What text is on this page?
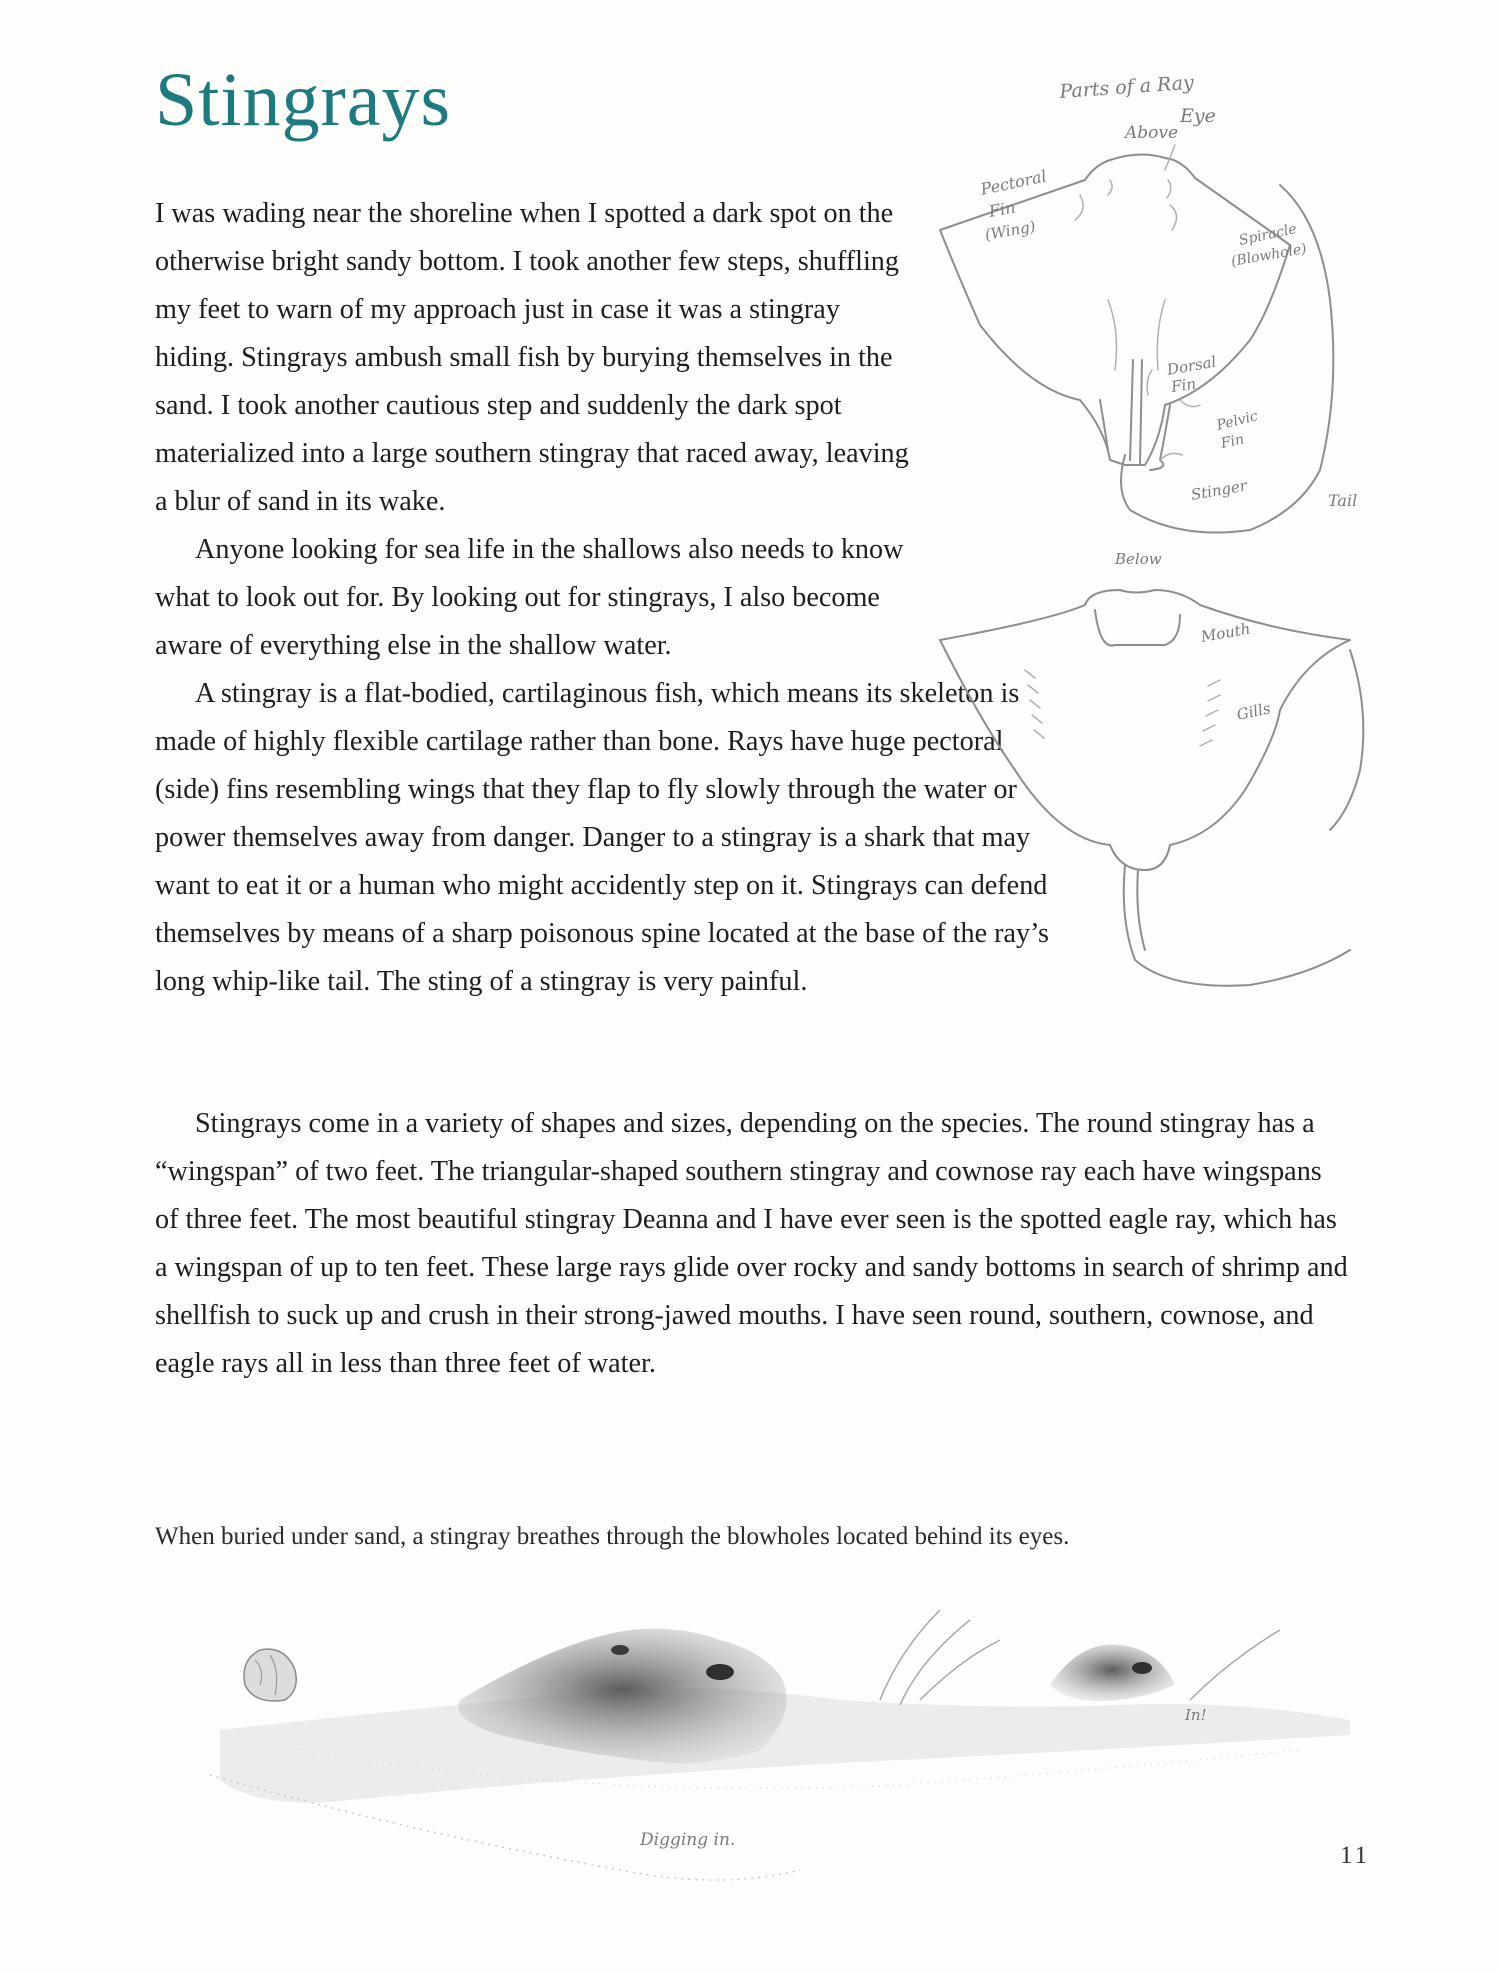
Stingrays

I was wading near the shoreline when I spotted a dark spot on the otherwise bright sandy bottom. I took another few steps, shuffling my feet to warn of my approach just in case it was a stingray hiding. Stingrays ambush small fish by burying themselves in the sand. I took another cautious step and suddenly the dark spot materialized into a large southern stingray that raced away, leaving a blur of sand in its wake.

Anyone looking for sea life in the shallows also needs to know what to look out for. By looking out for stingrays, I also become aware of everything else in the shallow water.

A stingray is a flat-bodied, cartilaginous fish, which means its skeleton is made of highly flexible cartilage rather than bone. Rays have huge pectoral (side) fins resembling wings that they flap to fly slowly through the water or power themselves away from danger. Danger to a stingray is a shark that may want to eat it or a human who might accidently step on it. Stingrays can defend themselves by means of a sharp poisonous spine located at the base of the ray’s long whip-like tail. The sting of a stingray is very painful.

Stingrays come in a variety of shapes and sizes, depending on the species. The round stingray has a “wingspan” of two feet. The triangular-shaped southern stingray and cownose ray each have wingspans of three feet. The most beautiful stingray Deanna and I have ever seen is the spotted eagle ray, which has a wingspan of up to ten feet. These large rays glide over rocky and sandy bottoms in search of shrimp and shellfish to suck up and crush in their strong-jawed mouths. I have seen round, southern, cownose, and eagle rays all in less than three feet of water.

Parts of a Ray
Above
Eye
Pectoral
Fin
(Wing)	Spiracle
(Blowhole)
Dorsal
Fin
Pelvic
Fin
Stinger	Tail
Below
Mouth
Gills

When buried under sand, a stingray breathes through the blowholes located behind its eyes.

Digging in.
In!
11
